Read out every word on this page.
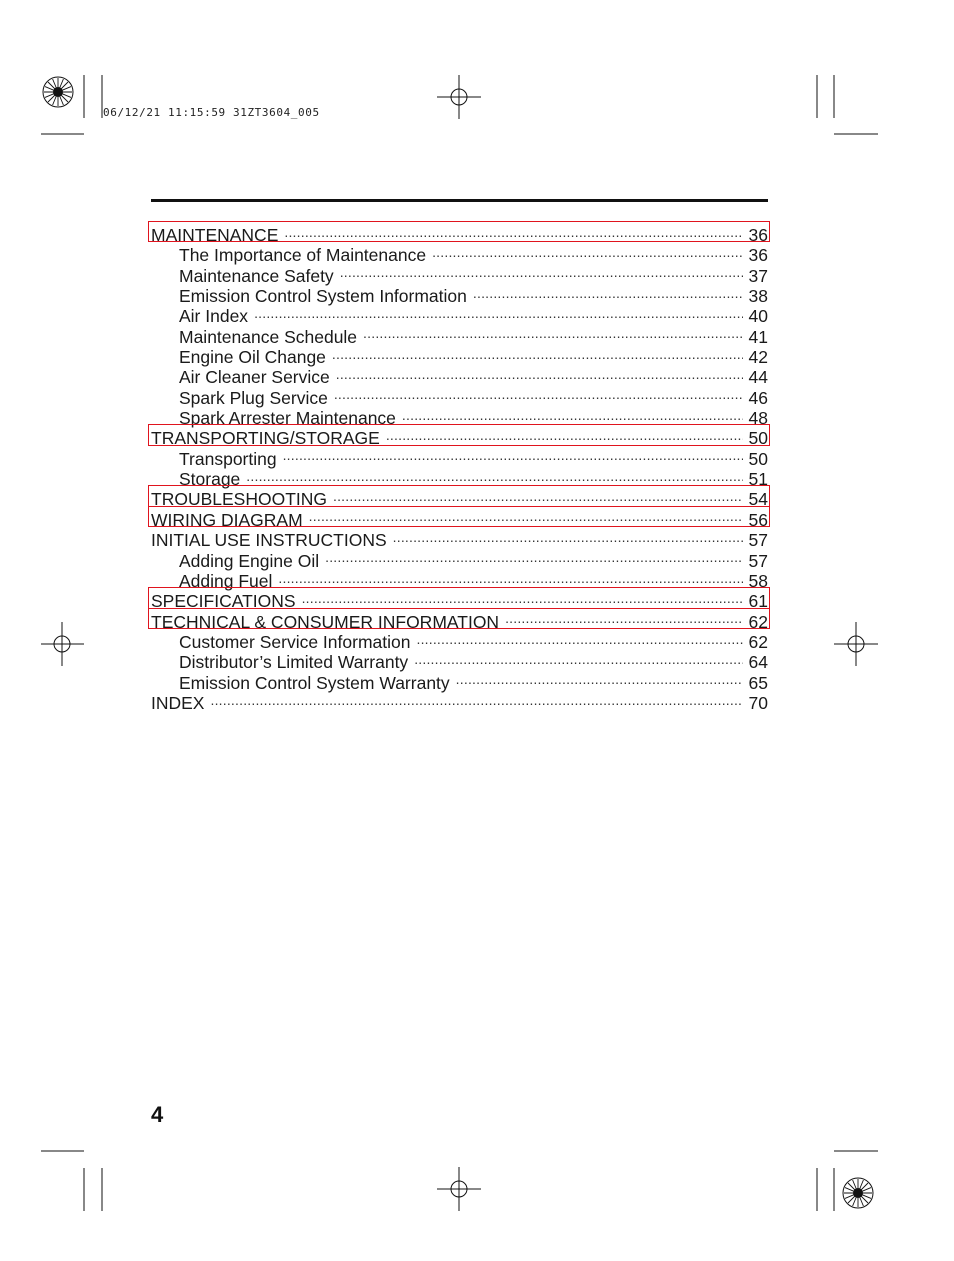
06/12/21 11:15:59 31ZT3604_005
MAINTENANCE .....	36
The Importance of Maintenance .....	36
Maintenance Safety .....	37
Emission Control System Information .....	38
Air Index .....	40
Maintenance Schedule .....	41
Engine Oil Change .....	42
Air Cleaner Service .....	44
Spark Plug Service .....	46
Spark Arrester Maintenance .....	48
TRANSPORTING/STORAGE .....	50
Transporting .....	50
Storage .....	51
TROUBLESHOOTING .....	54
WIRING DIAGRAM .....	56
INITIAL USE INSTRUCTIONS .....	57
Adding Engine Oil .....	57
Adding Fuel .....	58
SPECIFICATIONS .....	61
TECHNICAL & CONSUMER INFORMATION .....	62
Customer Service Information .....	62
Distributor’s Limited Warranty .....	64
Emission Control System Warranty .....	65
INDEX .....	70
4
